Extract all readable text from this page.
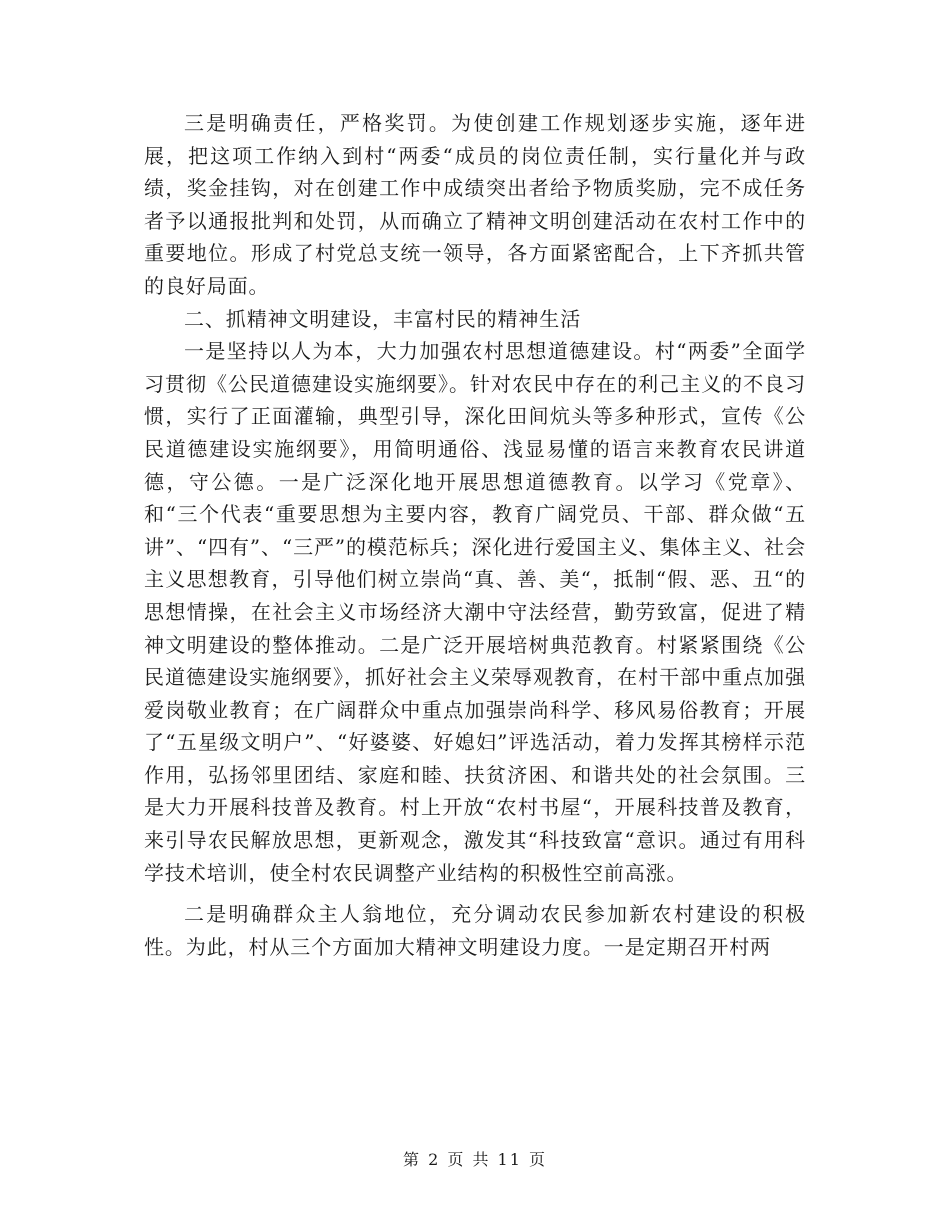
三是明确责任，严格奖罚。为使创建工作规划逐步实施，逐年进展，把这项工作纳入到村“两委“成员的岗位责任制，实行量化并与政绩，奖金挂钩，对在创建工作中成绩突出者给予物质奖励，完不成任务者予以通报批判和处罚，从而确立了精神文明创建活动在农村工作中的重要地位。形成了村党总支统一领导，各方面紧密配合，上下齐抓共管的良好局面。

二、抓精神文明建设，丰富村民的精神生活

一是坚持以人为本，大力加强农村思想道德建设。村“两委”全面学习贯彻《公民道德建设实施纲要》。针对农民中存在的利己主义的不良习惯，实行了正面灌输，典型引导，深化田间炕头等多种形式，宣传《公民道德建设实施纲要》，用简明通俗、浅显易懂的语言来教育农民讲道德，守公德。一是广泛深化地开展思想道德教育。以学习《党章》、和“三个代表“重要思想为主要内容，教育广阔党员、干部、群众做“五讲”、“四有”、“三严”的模范标兵；深化进行爱国主义、集体主义、社会主义思想教育，引导他们树立崇尚“真、善、美“，抵制“假、恶、丑“的思想情操，在社会主义市场经济大潮中守法经营，勤劳致富，促进了精神文明建设的整体推动。二是广泛开展培树典范教育。村紧紧围绕《公民道德建设实施纲要》，抓好社会主义荣辱观教育，在村干部中重点加强爱岗敬业教育；在广阔群众中重点加强崇尚科学、移风易俗教育；开展了“五星级文明户”、“好婆婆、好媳妇”评选活动，着力发挥其榜样示范作用，弘扬邻里团结、家庭和睦、扶贫济困、和谐共处的社会氛围。三是大力开展科技普及教育。村上开放“农村书屋“，开展科技普及教育，来引导农民解放思想，更新观念，激发其“科技致富“意识。通过有用科学技术培训，使全村农民调整产业结构的积极性空前高涨。

二是明确群众主人翁地位，充分调动农民参加新农村建设的积极性。为此，村从三个方面加大精神文明建设力度。一是定期召开村两

第 2 页 共 11 页
